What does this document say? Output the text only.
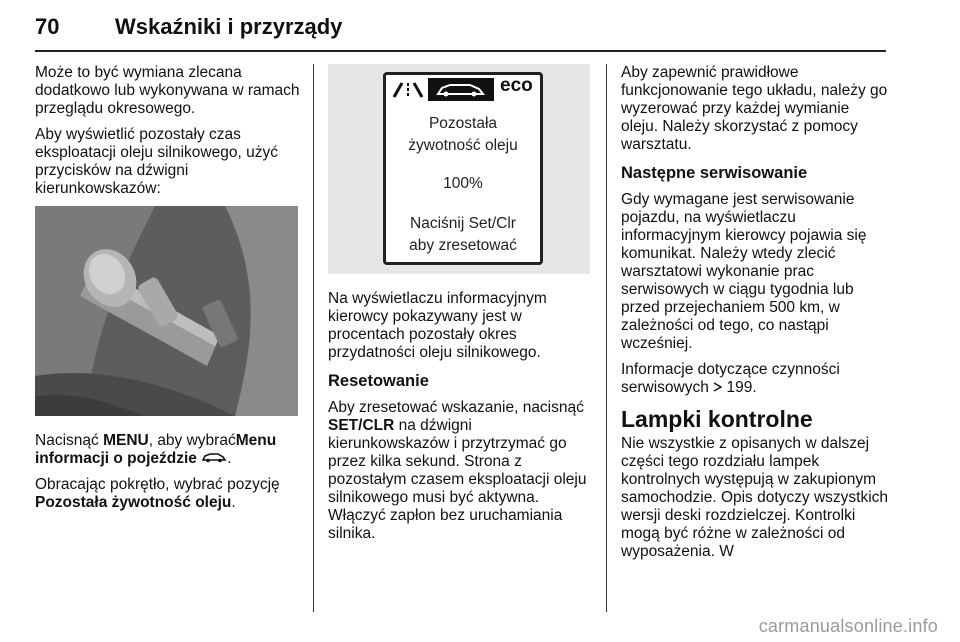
70	Wskaźniki i przyrządy

Może to być wymiana zlecana dodatkowo lub wykonywana w ramach przeglądu okresowego.

Aby wyświetlić pozostały czas eksploatacji oleju silnikowego, użyć przycisków na dźwigni kierunkowskazów:

Nacisnąć MENU, aby wybraćMenu informacji o pojeździe .

Obracając pokrętło, wybrać pozycję Pozostała żywotność oleju.

eco
Pozostała
żywotność oleju
100%
Naciśnij Set/Clr
aby zresetować

Na wyświetlaczu informacyjnym kierowcy pokazywany jest w procentach pozostały okres przydatności oleju silnikowego.

Resetowanie

Aby zresetować wskazanie, nacisnąć SET/CLR na dźwigni kierunkowskazów i przytrzymać go przez kilka sekund. Strona z pozostałym czasem eksploatacji oleju silnikowego musi być aktywna. Włączyć zapłon bez uruchamiania silnika.

Aby zapewnić prawidłowe funkcjonowanie tego układu, należy go wyzerować przy każdej wymianie oleju. Należy skorzystać z pomocy warsztatu.

Następne serwisowanie

Gdy wymagane jest serwisowanie pojazdu, na wyświetlaczu informacyjnym kierowcy pojawia się komunikat. Należy wtedy zlecić warsztatowi wykonanie prac serwisowych w ciągu tygodnia lub przed przejechaniem 500 km, w zależności od tego, co nastąpi wcześniej.

Informacje dotyczące czynności serwisowych  199.

Lampki kontrolne

Nie wszystkie z opisanych w dalszej części tego rozdziału lampek kontrolnych występują w zakupionym samochodzie. Opis dotyczy wszystkich wersji deski rozdzielczej. Kontrolki mogą być różne w zależności od wyposażenia. W

carmanualsonline.info
